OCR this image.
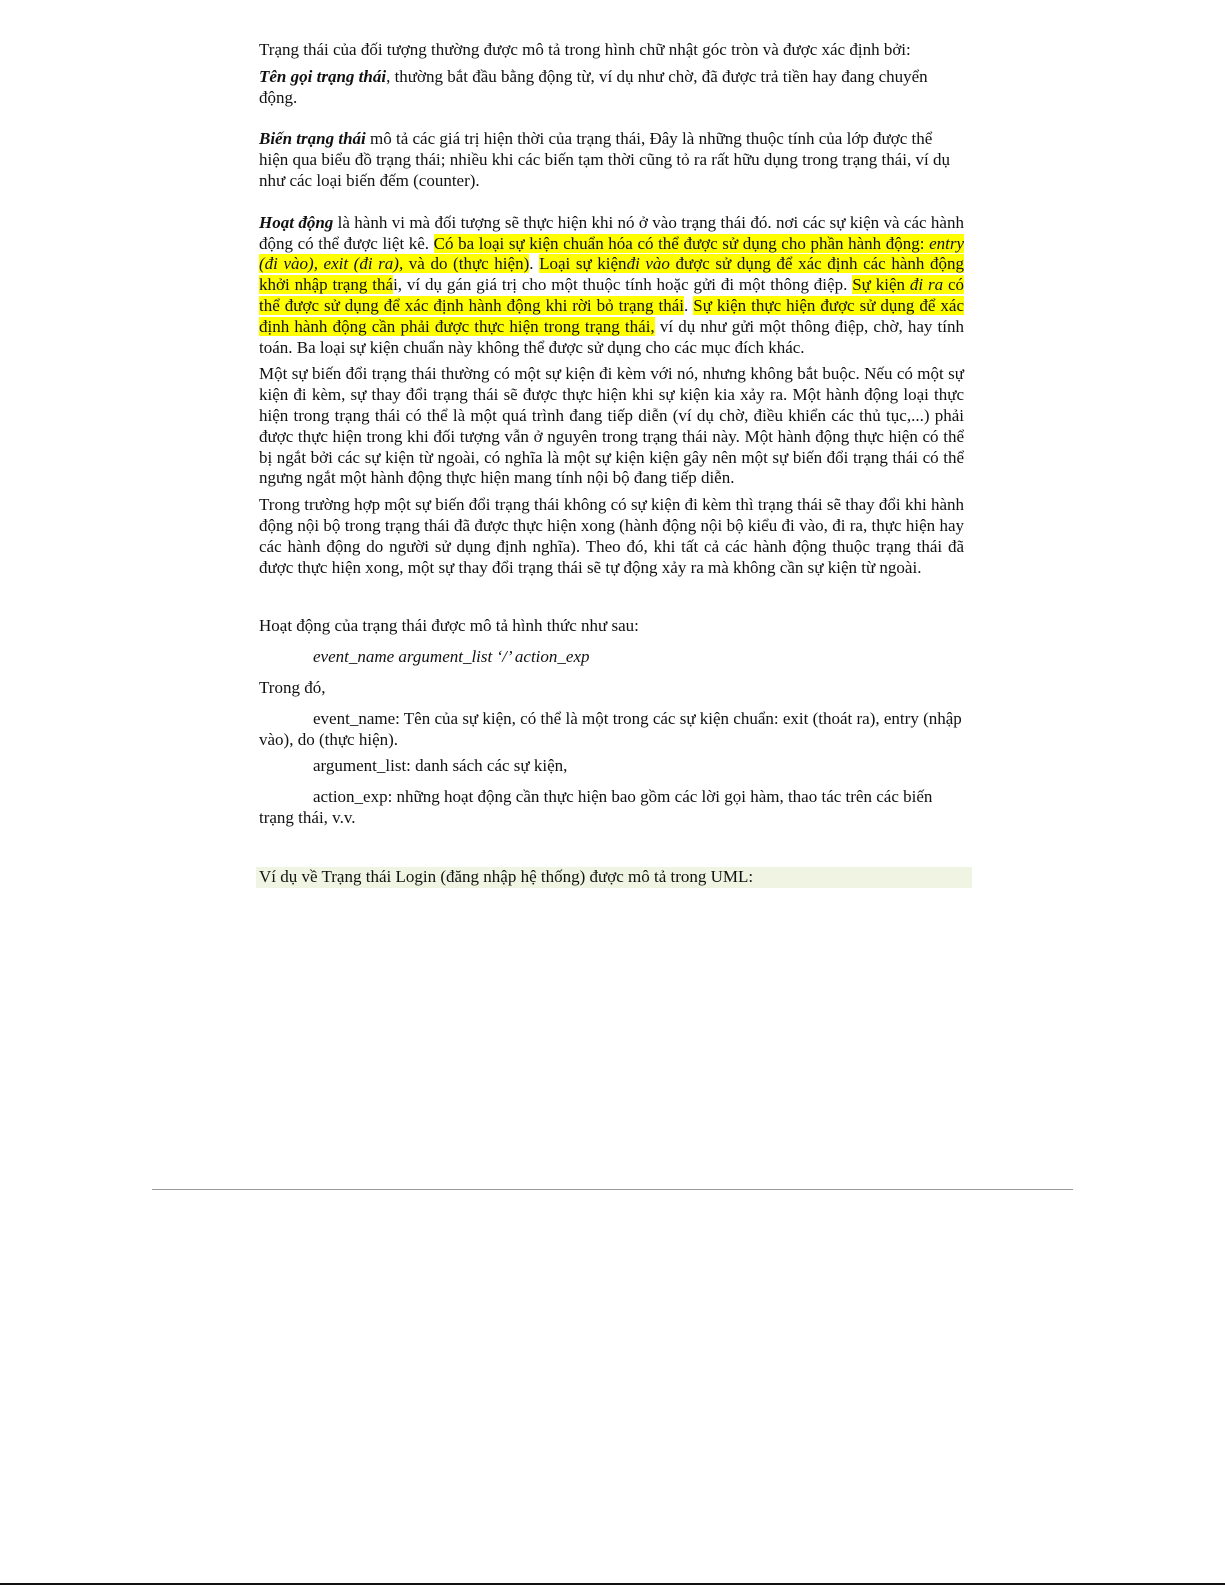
Trạng thái của đối tượng thường được mô tả trong hình chữ nhật góc tròn và được xác định bởi:

Tên gọi trạng thái, thường bắt đầu bằng động từ, ví dụ như chờ, đã được trả tiền hay đang chuyển động.

Biến trạng thái mô tả các giá trị hiện thời của trạng thái, Đây là những thuộc tính của lớp được thể hiện qua biểu đồ trạng thái; nhiều khi các biến tạm thời cũng tỏ ra rất hữu dụng trong trạng thái, ví dụ như các loại biến đếm (counter).

Hoạt động là hành vi mà đối tượng sẽ thực hiện khi nó ở vào trạng thái đó. nơi các sự kiện và các hành động có thể được liệt kê. Có ba loại sự kiện chuẩn hóa có thể được sử dụng cho phần hành động: entry (đi vào), exit (đi ra), và do (thực hiện). Loại sự kiệnđi vào được sử dụng để xác định các hành động khởi nhập trạng thái, ví dụ gán giá trị cho một thuộc tính hoặc gửi đi một thông điệp. Sự kiện đi ra có thể được sử dụng để xác định hành động khi rời bỏ trạng thái. Sự kiện thực hiện được sử dụng để xác định hành động cần phải được thực hiện trong trạng thái, ví dụ như gửi một thông điệp, chờ, hay tính toán. Ba loại sự kiện chuẩn này không thể được sử dụng cho các mục đích khác.

Một sự biến đổi trạng thái thường có một sự kiện đi kèm với nó, nhưng không bắt buộc. Nếu có một sự kiện đi kèm, sự thay đổi trạng thái sẽ được thực hiện khi sự kiện kia xảy ra. Một hành động loại thực hiện trong trạng thái có thể là một quá trình đang tiếp diễn (ví dụ chờ, điều khiển các thủ tục,...) phải được thực hiện trong khi đối tượng vẫn ở nguyên trong trạng thái này. Một hành động thực hiện có thể bị ngắt bởi các sự kiện từ ngoài, có nghĩa là một sự kiện kiện gây nên một sự biến đổi trạng thái có thể ngưng ngắt một hành động thực hiện mang tính nội bộ đang tiếp diễn.

Trong trường hợp một sự biến đổi trạng thái không có sự kiện đi kèm thì trạng thái sẽ thay đổi khi hành động nội bộ trong trạng thái đã được thực hiện xong (hành động nội bộ kiểu đi vào, đi ra, thực hiện hay các hành động do người sử dụng định nghĩa). Theo đó, khi tất cả các hành động thuộc trạng thái đã được thực hiện xong, một sự thay đổi trạng thái sẽ tự động xảy ra mà không cần sự kiện từ ngoài.

Hoạt động của trạng thái được mô tả hình thức như sau:

event_name argument_list ‘/’ action_exp

Trong đó,

event_name: Tên của sự kiện, có thể là một trong các sự kiện chuẩn: exit (thoát ra), entry (nhập vào), do (thực hiện).

argument_list: danh sách các sự kiện,

action_exp: những hoạt động cần thực hiện bao gồm các lời gọi hàm, thao tác trên các biến trạng thái, v.v.

Ví dụ về Trạng thái Login (đăng nhập hệ thống) được mô tả trong UML:
